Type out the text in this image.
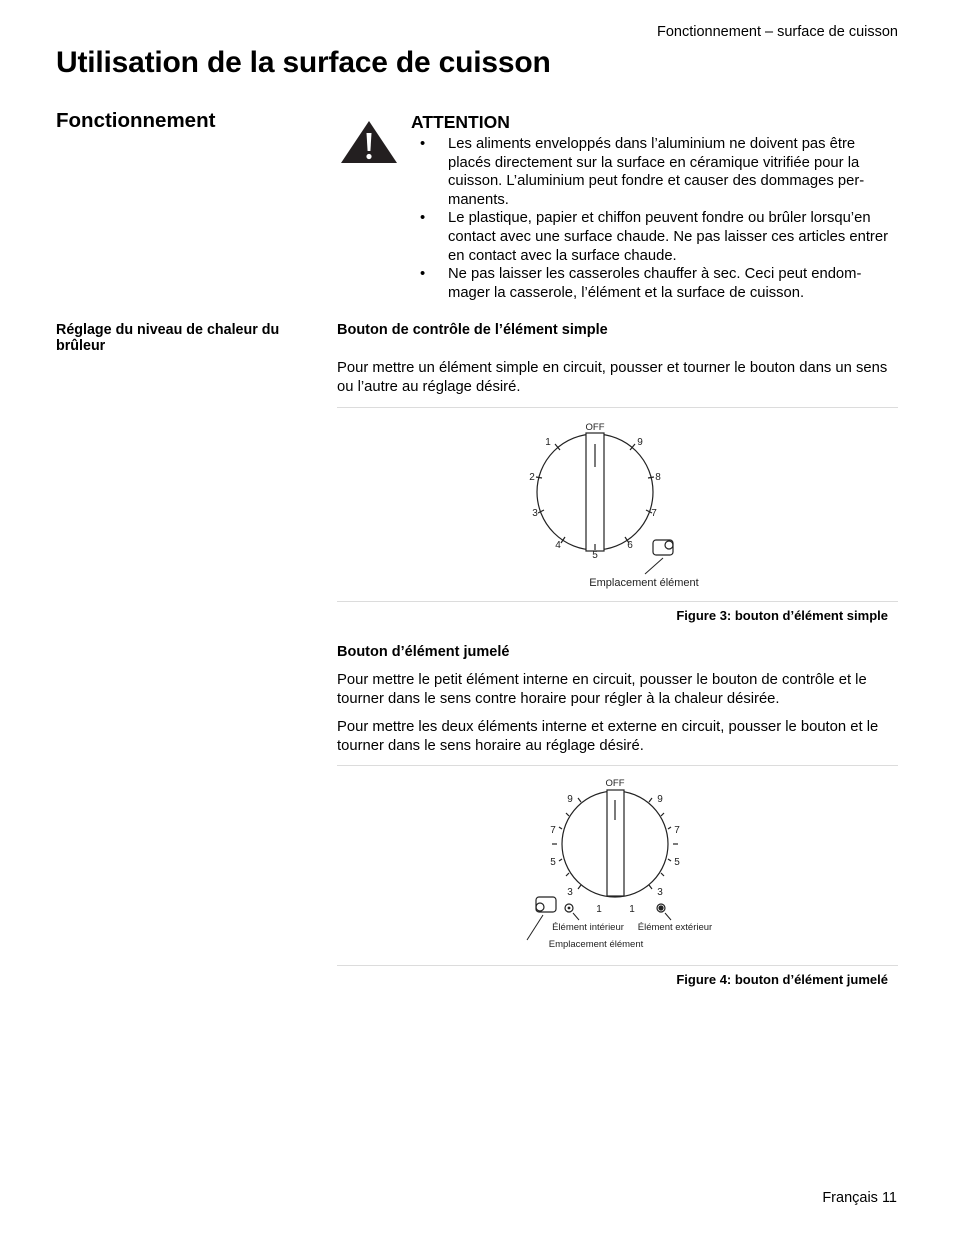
Fonctionnement – surface de cuisson
Utilisation de la surface de cuisson
Fonctionnement	ATTENTION
• Les aliments enveloppés dans l’aluminium ne doivent pas être placés directement sur la surface en céramique vitrifiée pour la cuisson. L’aluminium peut fondre et causer des dommages per-manents.
• Le plastique, papier et chiffon peuvent fondre ou brûler lorsqu’en contact avec une surface chaude. Ne pas laisser ces articles entrer en contact avec la surface chaude.
• Ne pas laisser les casseroles chauffer à sec. Ceci peut endom-mager la casserole, l’élément et la surface de cuisson.
Réglage du niveau de chaleur du brûleur
Bouton de contrôle de l’élément simple

Pour mettre un élément simple en circuit, pousser et tourner le bouton dans un sens ou l’autre au réglage désiré.

OFF
1
2
3
4
5
6
7
8
9
Emplacement élément
Figure 3: bouton d’élément simple
Bouton d’élément jumelé

Pour mettre le petit élément interne en circuit, pousser le bouton de contrôle et le tourner dans le sens contre horaire pour régler à la chaleur désirée.

Pour mettre les deux éléments interne et externe en circuit, pousser le bouton et le tourner dans le sens horaire au réglage désiré.

OFF
9
7
5
3
1
9
7
5
3
1
Élément intérieur Élément extérieur
Emplacement élément
Figure 4: bouton d’élément jumelé
Français 11
